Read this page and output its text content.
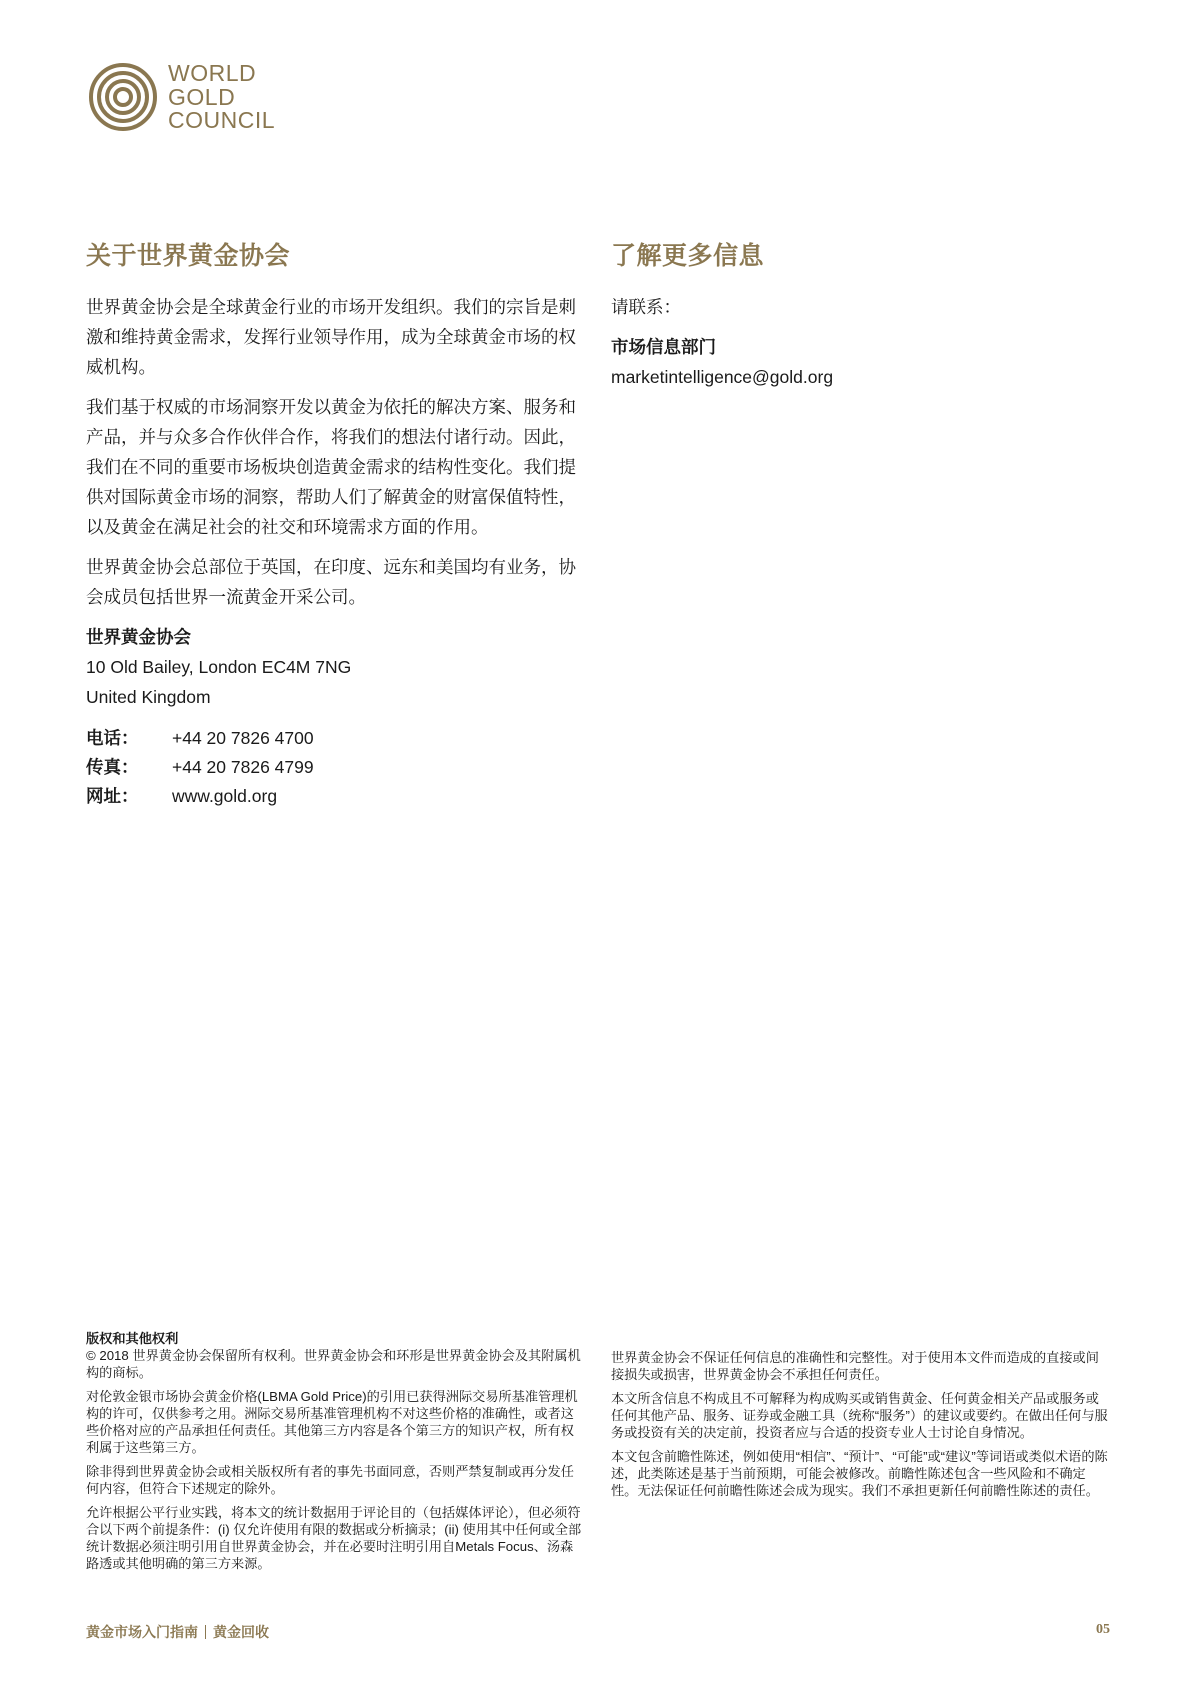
WORLD
GOLD
COUNCIL
关于世界黄金协会	了解更多信息

世界黄金协会是全球黄金行业的市场开发组织。我们的宗旨是刺激和维持黄金需求，发挥行业领导作用，成为全球黄金市场的权威机构。

我们基于权威的市场洞察开发以黄金为依托的解决方案、服务和产品，并与众多合作伙伴合作，将我们的想法付诸行动。因此，我们在不同的重要市场板块创造黄金需求的结构性变化。我们提供对国际黄金市场的洞察，帮助人们了解黄金的财富保值特性，以及黄金在满足社会的社交和环境需求方面的作用。

世界黄金协会总部位于英国，在印度、远东和美国均有业务，协会成员包括世界一流黄金开采公司。

世界黄金协会
10 Old Bailey, London EC4M 7NG
United Kingdom
电话：	+44 20 7826 4700
传真：	+44 20 7826 4799
网址：	www.gold.org

请联系：

市场信息部门
marketintelligence@gold.org
版权和其他权利

© 2018 世界黄金协会保留所有权利。世界黄金协会和环形是世界黄金协会及其附属机构的商标。

对伦敦金银市场协会黄金价格(LBMA Gold Price)的引用已获得洲际交易所基准管理机构的许可，仅供参考之用。洲际交易所基准管理机构不对这些价格的准确性，或者这些价格对应的产品承担任何责任。其他第三方内容是各个第三方的知识产权，所有权利属于这些第三方。

除非得到世界黄金协会或相关版权所有者的事先书面同意，否则严禁复制或再分发任何内容，但符合下述规定的除外。

允许根据公平行业实践，将本文的统计数据用于评论目的（包括媒体评论），但必须符合以下两个前提条件：(i) 仅允许使用有限的数据或分析摘录；(ii) 使用其中任何或全部统计数据必须注明引用自世界黄金协会，并在必要时注明引用自Metals Focus、汤森路透或其他明确的第三方来源。

世界黄金协会不保证任何信息的准确性和完整性。对于使用本文件而造成的直接或间接损失或损害，世界黄金协会不承担任何责任。

本文所含信息不构成且不可解释为构成购买或销售黄金、任何黄金相关产品或服务或任何其他产品、服务、证券或金融工具（统称“服务”）的建议或要约。在做出任何与服务或投资有关的决定前，投资者应与合适的投资专业人士讨论自身情况。

本文包含前瞻性陈述，例如使用“相信”、“预计”、“可能”或“建议”等词语或类似术语的陈述，此类陈述是基于当前预期，可能会被修改。前瞻性陈述包含一些风险和不确定性。无法保证任何前瞻性陈述会成为现实。我们不承担更新任何前瞻性陈述的责任。

黄金市场入门指南 黄金回收	05
